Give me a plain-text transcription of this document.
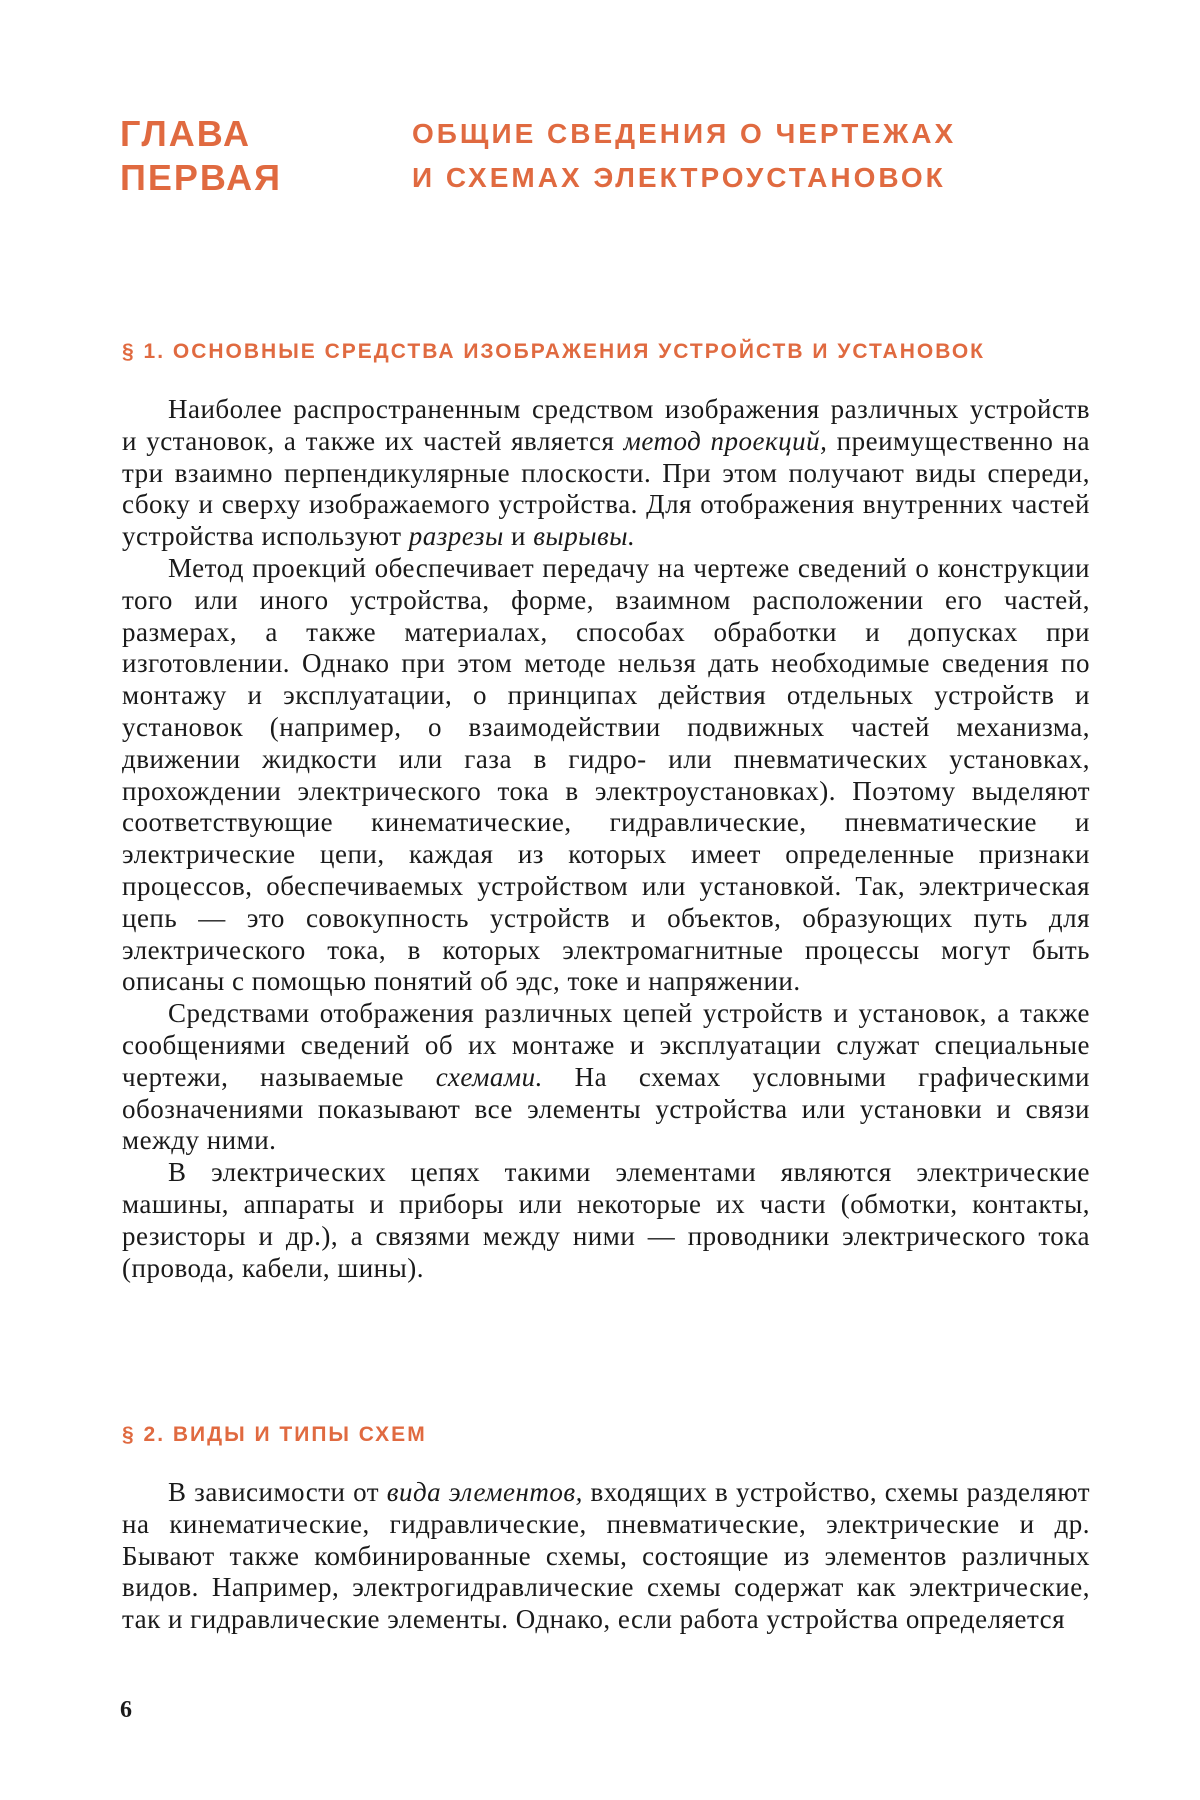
ГЛАВА
ПЕРВАЯ
ОБЩИЕ СВЕДЕНИЯ О ЧЕРТЕЖАХ
И СХЕМАХ ЭЛЕКТРОУСТАНОВОК
§ 1. ОСНОВНЫЕ СРЕДСТВА ИЗОБРАЖЕНИЯ УСТРОЙСТВ И УСТАНОВОК

Наиболее распространенным средством изображения различных устройств и установок, а также их частей является метод проекций, преимущественно на три взаимно перпендикулярные плоскости. При этом получают виды спереди, сбоку и сверху изображаемого устройства. Для отображения внутренних частей устройства используют разрезы и вырывы.

Метод проекций обеспечивает передачу на чертеже сведений о конструкции того или иного устройства, форме, взаимном расположении его частей, размерах, а также материалах, способах обработки и допусках при изготовлении. Однако при этом методе нельзя дать необходимые сведения по монтажу и эксплуатации, о принципах действия отдельных устройств и установок (например, о взаимодействии подвижных частей механизма, движении жидкости или газа в гидро- или пневматических установках, прохождении электрического тока в электроустановках). Поэтому выделяют соответствующие кинематические, гидравлические, пневматические и электрические цепи, каждая из которых имеет определенные признаки процессов, обеспечиваемых устройством или установкой. Так, электрическая цепь — это совокупность устройств и объектов, образующих путь для электрического тока, в которых электромагнитные процессы могут быть описаны с помощью понятий об эдс, токе и напряжении.

Средствами отображения различных цепей устройств и установок, а также сообщениями сведений об их монтаже и эксплуатации служат специальные чертежи, называемые схемами. На схемах условными графическими обозначениями показывают все элементы устройства или установки и связи между ними.

В электрических цепях такими элементами являются электрические машины, аппараты и приборы или некоторые их части (обмотки, контакты, резисторы и др.), а связями между ними — проводники электрического тока (провода, кабели, шины).

§ 2. ВИДЫ И ТИПЫ СХЕМ

В зависимости от вида элементов, входящих в устройство, схемы разделяют на кинематические, гидравлические, пневматические, электрические и др. Бывают также комбинированные схемы, состоящие из элементов различных видов. Например, электрогидравлические схемы содержат как электрические, так и гидравлические элементы. Однако, если работа устройства определяется

6
